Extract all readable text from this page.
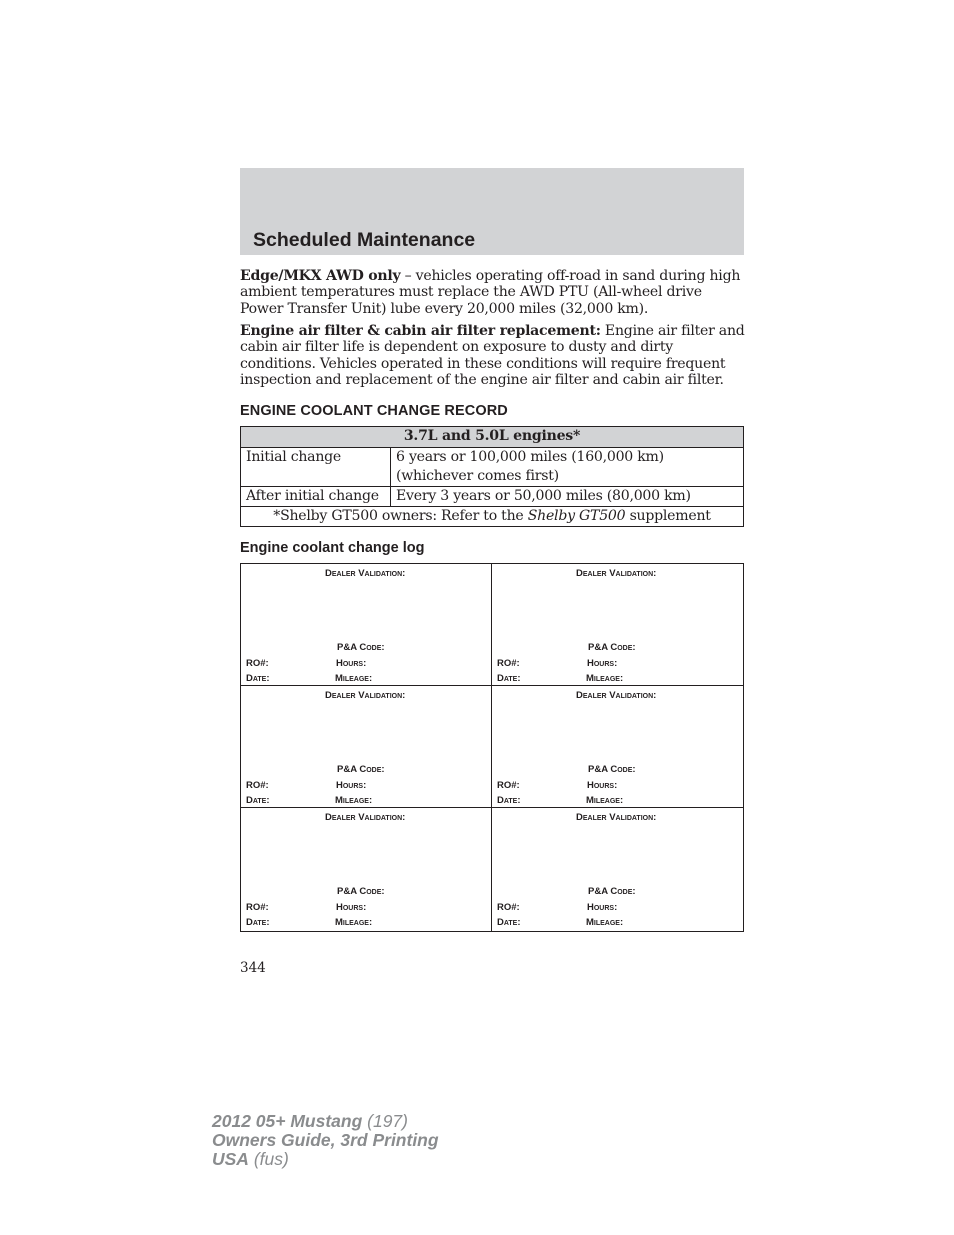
Scheduled Maintenance

Edge/MKX AWD only – vehicles operating off-road in sand during high ambient temperatures must replace the AWD PTU (All-wheel drive Power Transfer Unit) lube every 20,000 miles (32,000 km).

Engine air filter & cabin air filter replacement: Engine air filter and cabin air filter life is dependent on exposure to dusty and dirty conditions. Vehicles operated in these conditions will require frequent inspection and replacement of the engine air filter and cabin air filter.

ENGINE COOLANT CHANGE RECORD
3.7L and 5.0L engines*	
Initial change	6 years or 100,000 miles (160,000 km)
(whichever comes first)
After initial change	Every 3 years or 50,000 miles (80,000 km)
*Shelby GT500 owners: Refer to the Shelby GT500 supplement	
Engine coolant change log
Dealer Validation:
P&A Code:
RO#:	Hours:
Date:	Mileage:
Dealer Validation:
P&A Code:
RO#:	Hours:
Date:	Mileage:
Dealer Validation:
P&A Code:
RO#:	Hours:
Date:	Mileage:
Dealer Validation:
P&A Code:
RO#:	Hours:
Date:	Mileage:
Dealer Validation:
P&A Code:
RO#:	Hours:
Date:	Mileage:
Dealer Validation:
P&A Code:
RO#:	Hours:
Date:	Mileage:
344
2012 05+ Mustang (197)
Owners Guide, 3rd Printing
USA (fus)
